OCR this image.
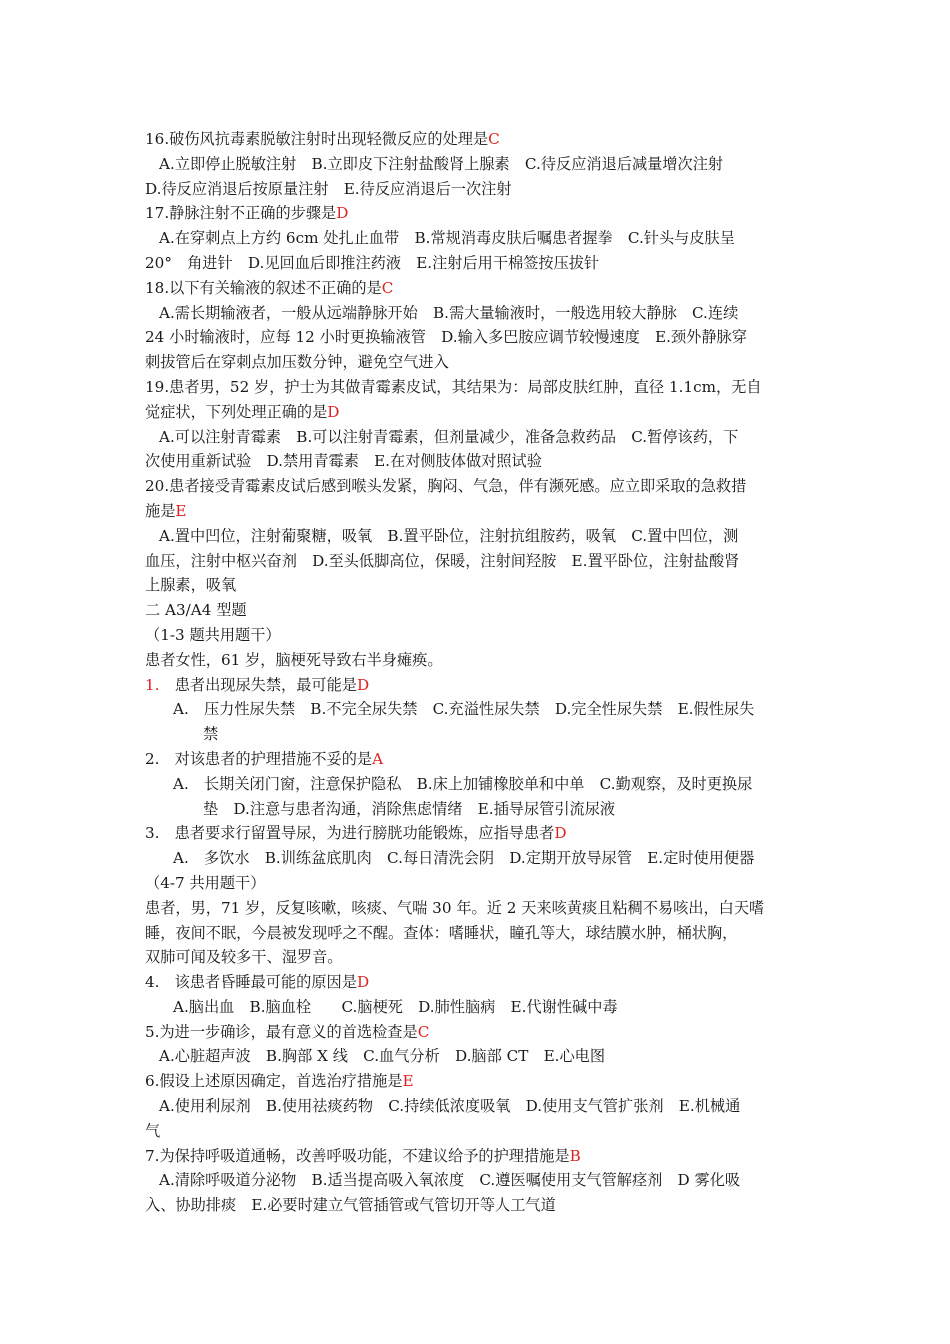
16.破伤风抗毒素脱敏注射时出现轻微反应的处理是C
A.立即停止脱敏注射　B.立即皮下注射盐酸肾上腺素　C.待反应消退后减量增次注射
D.待反应消退后按原量注射　E.待反应消退后一次注射
17.静脉注射不正确的步骤是D
A.在穿刺点上方约 6cm 处扎止血带　B.常规消毒皮肤后嘱患者握拳　C.针头与皮肤呈
20°　角进针　D.见回血后即推注药液　E.注射后用干棉签按压拔针
18.以下有关输液的叙述不正确的是C
A.需长期输液者，一般从远端静脉开始　B.需大量输液时，一般选用较大静脉　C.连续
24 小时输液时，应每 12 小时更换输液管　D.输入多巴胺应调节较慢速度　E.颈外静脉穿
刺拔管后在穿刺点加压数分钟，避免空气进入
19.患者男，52 岁，护士为其做青霉素皮试，其结果为：局部皮肤红肿，直径 1.1cm，无自
觉症状，下列处理正确的是D
A.可以注射青霉素　B.可以注射青霉素，但剂量减少，准备急救药品　C.暂停该药，下
次使用重新试验　D.禁用青霉素　E.在对侧肢体做对照试验
20.患者接受青霉素皮试后感到喉头发紧，胸闷、气急，伴有濒死感。应立即采取的急救措
施是E
A.置中凹位，注射葡聚糖，吸氧　B.置平卧位，注射抗组胺药，吸氧　C.置中凹位，测
血压，注射中枢兴奋剂　D.至头低脚高位，保暖，注射间羟胺　E.置平卧位，注射盐酸肾
上腺素，吸氧
二 A3/A4 型题
（1-3 题共用题干）
患者女性，61 岁，脑梗死导致右半身瘫痪。
1.　患者出现尿失禁，最可能是D
A.　压力性尿失禁　B.不完全尿失禁　C.充溢性尿失禁　D.完全性尿失禁　E.假性尿失
禁
2.　对该患者的护理措施不妥的是A
A.　长期关闭门窗，注意保护隐私　B.床上加铺橡胶单和中单　C.勤观察，及时更换尿
垫　D.注意与患者沟通，消除焦虑情绪　E.插导尿管引流尿液
3.　患者要求行留置导尿，为进行膀胱功能锻炼，应指导患者D
A.　多饮水　B.训练盆底肌肉　C.每日清洗会阴　D.定期开放导尿管　E.定时使用便器
（4-7 共用题干）
患者，男，71 岁，反复咳嗽，咳痰、气喘 30 年。近 2 天来咳黄痰且粘稠不易咳出，白天嗜
睡，夜间不眠，今晨被发现呼之不醒。查体：嗜睡状，瞳孔等大，球结膜水肿，桶状胸，
双肺可闻及较多干、湿罗音。
4.　该患者昏睡最可能的原因是D
A.脑出血　B.脑血栓　　C.脑梗死　D.肺性脑病　E.代谢性碱中毒
5.为进一步确诊，最有意义的首选检查是C
A.心脏超声波　B.胸部 X 线　C.血气分析　D.脑部 CT　E.心电图
6.假设上述原因确定，首选治疗措施是E
A.使用利尿剂　B.使用祛痰药物　C.持续低浓度吸氧　D.使用支气管扩张剂　E.机械通
气
7.为保持呼吸道通畅，改善呼吸功能，不建议给予的护理措施是B
A.清除呼吸道分泌物　B.适当提高吸入氧浓度　C.遵医嘱使用支气管解痉剂　D 雾化吸
入、协助排痰　E.必要时建立气管插管或气管切开等人工气道
